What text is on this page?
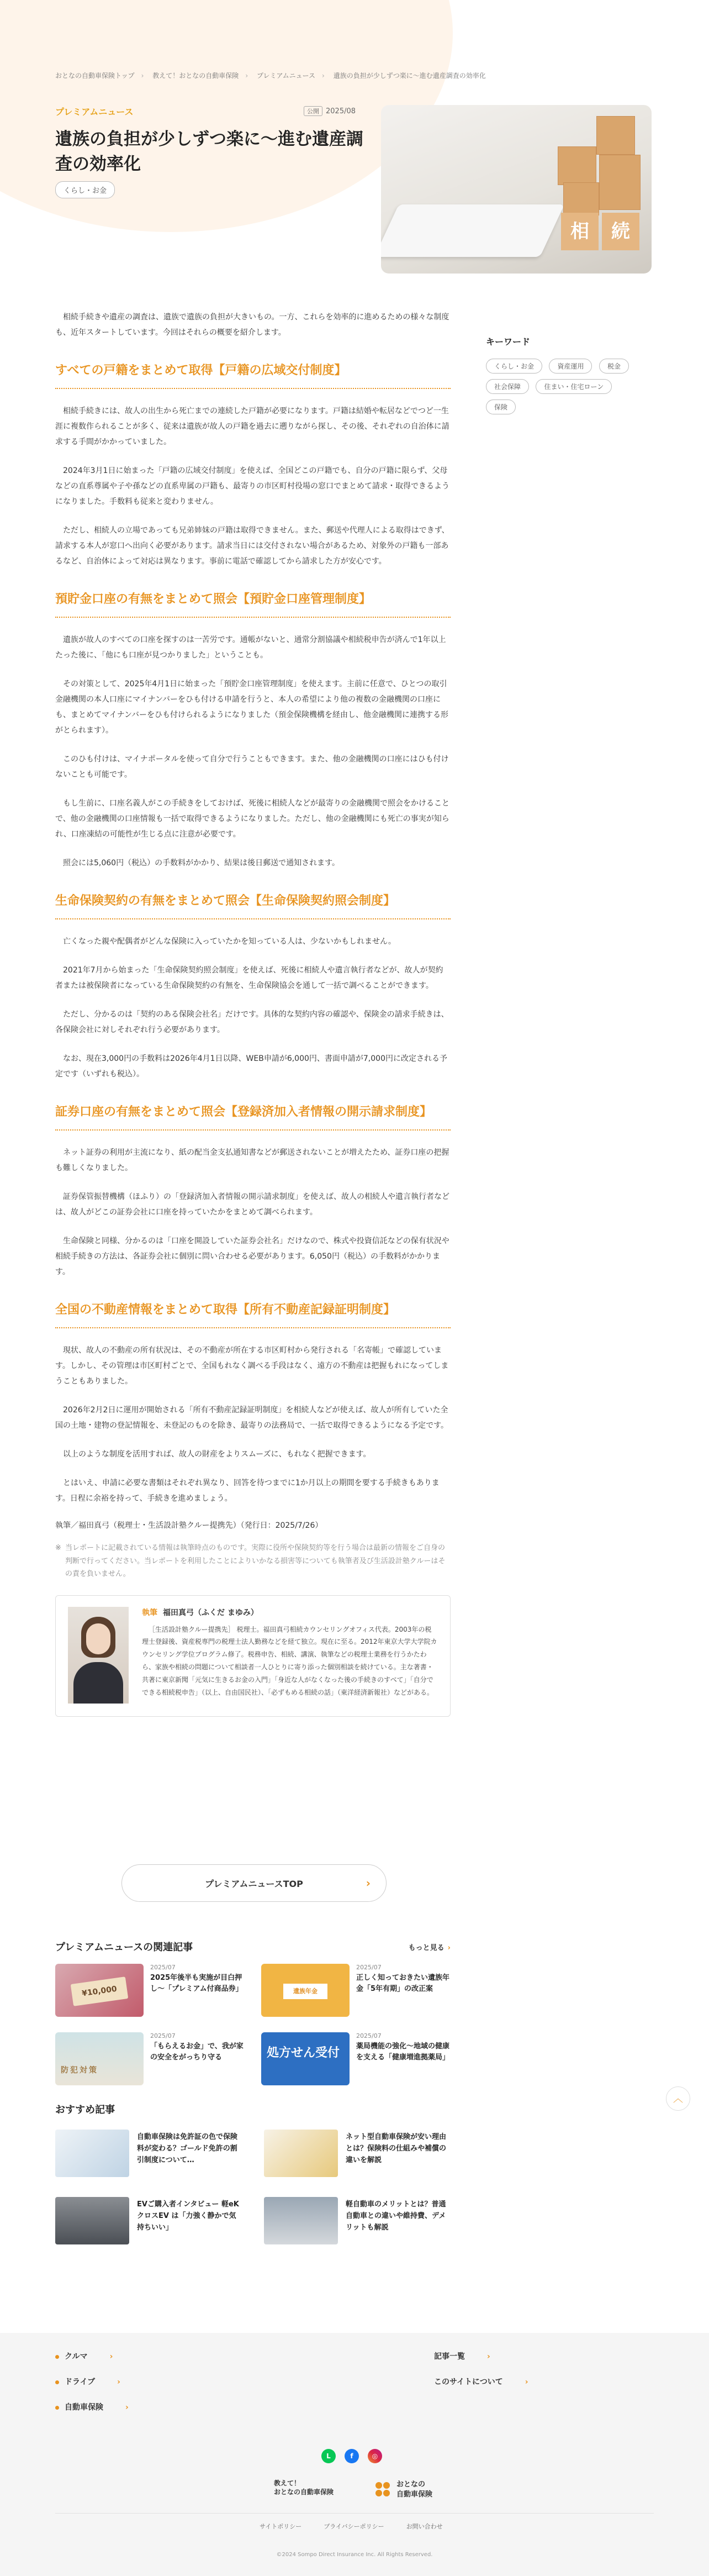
おとなの自動車保険トップ › 教えて！おとなの自動車保険 › プレミアムニュース › 遺族の負担が少しずつ楽に〜進む遺産調査の効率化
プレミアムニュース	公開 2025/08
遺族の負担が少しずつ楽に〜進む遺産調査の効率化
くらし・お金
相	続

相続手続きや遺産の調査は、遺族で遺族の負担が大きいもの。一方、これらを効率的に進めるための様々な制度も、近年スタートしています。今回はそれらの概要を紹介します。

すべての戸籍をまとめて取得【戸籍の広域交付制度】

相続手続きには、故人の出生から死亡までの連続した戸籍が必要になります。戸籍は結婚や転居などでつど一生涯に複数作られることが多く、従来は遺族が故人の戸籍を過去に遡りながら探し、その後、それぞれの自治体に請求する手間がかかっていました。

2024年3月1日に始まった「戸籍の広域交付制度」を使えば、全国どこの戸籍でも、自分の戸籍に限らず、父母などの直系尊属や子や孫などの直系卑属の戸籍も、最寄りの市区町村役場の窓口でまとめて請求・取得できるようになりました。手数料も従来と変わりません。

ただし、相続人の立場であっても兄弟姉妹の戸籍は取得できません。また、郵送や代理人による取得はできず、請求する本人が窓口へ出向く必要があります。請求当日には交付されない場合があるため、対象外の戸籍も一部あるなど、自治体によって対応は異なります。事前に電話で確認してから請求した方が安心です。

預貯金口座の有無をまとめて照会【預貯金口座管理制度】

遺族が故人のすべての口座を探すのは一苦労です。通帳がないと、通常分割協議や相続税申告が済んで1年以上たった後に、「他にも口座が見つかりました」ということも。

その対策として、2025年4月1日に始まった「預貯金口座管理制度」を使えます。主前に任意で、ひとつの取引金融機関の本人口座にマイナンバーをひも付ける申請を行うと、本人の希望により他の複数の金融機関の口座にも、まとめてマイナンバーをひも付けられるようになりました（預金保険機構を経由し、他金融機関に連携する形がとられます）。

このひも付けは、マイナポータルを使って自分で行うこともできます。また、他の金融機関の口座にはひも付けないことも可能です。

もし生前に、口座名義人がこの手続きをしておけば、死後に相続人などが最寄りの金融機関で照会をかけることで、他の金融機関の口座情報も一括で取得できるようになりました。ただし、他の金融機関にも死亡の事実が知られ、口座凍結の可能性が生じる点に注意が必要です。

照会には5,060円（税込）の手数料がかかり、結果は後日郵送で通知されます。

生命保険契約の有無をまとめて照会【生命保険契約照会制度】

亡くなった親や配偶者がどんな保険に入っていたかを知っている人は、少ないかもしれません。

2021年7月から始まった「生命保険契約照会制度」を使えば、死後に相続人や遺言執行者などが、故人が契約者または被保険者になっている生命保険契約の有無を、生命保険協会を通して一括で調べることができます。

ただし、分かるのは「契約のある保険会社名」だけです。具体的な契約内容の確認や、保険金の請求手続きは、各保険会社に対しそれぞれ行う必要があります。

なお、現在3,000円の手数料は2026年4月1日以降、WEB申請が6,000円、書面申請が7,000円に改定される予定です（いずれも税込）。

証券口座の有無をまとめて照会【登録済加入者情報の開示請求制度】

ネット証券の利用が主流になり、紙の配当金支払通知書などが郵送されないことが増えたため、証券口座の把握も難しくなりました。

証券保管振替機構（ほふり）の「登録済加入者情報の開示請求制度」を使えば、故人の相続人や遺言執行者などは、故人がどこの証券会社に口座を持っていたかをまとめて調べられます。

生命保険と同様、分かるのは「口座を開設していた証券会社名」だけなので、株式や投資信託などの保有状況や相続手続きの方法は、各証券会社に個別に問い合わせる必要があります。6,050円（税込）の手数料がかかります。

全国の不動産情報をまとめて取得【所有不動産記録証明制度】

現状、故人の不動産の所有状況は、その不動産が所在する市区町村から発行される「名寄帳」で確認しています。しかし、その管理は市区町村ごとで、全国もれなく調べる手段はなく、遠方の不動産は把握もれになってしまうこともありました。

2026年2月2日に運用が開始される「所有不動産記録証明制度」を相続人などが使えば、故人が所有していた全国の土地・建物の登記情報を、未登記のものを除き、最寄りの法務局で、一括で取得できるようになる予定です。

以上のような制度を活用すれば、故人の財産をよりスムーズに、もれなく把握できます。

とはいえ、申請に必要な書類はそれぞれ異なり、回答を待つまでに1か月以上の期間を要する手続きもあります。日程に余裕を持って、手続きを進めましょう。

執筆／福田真弓（税理士・生活設計塾クルー提携先）（発行日：2025/7/26）

※ 当レポートに記載されている情報は執筆時点のものです。実際に役所や保険契約等を行う場合は最新の情報をご自身の判断で行ってください。当レポートを利用したことによりいかなる損害等についても執筆者及び生活設計塾クルーはその責を負いません。

執筆 福田真弓（ふくだ まゆみ）

［生活設計塾クルー提携先］ 税理士。福田真弓相続カウンセリングオフィス代表。2003年の税理士登録後、資産税専門の税理士法人勤務などを経て独立。現在に至る。2012年東京大学大学院カウンセリング学位プログラム修了。税務申告、相続、講演、執筆などの税理士業務を行うかたわら、家族や相続の問題について相談者一人ひとりに寄り添った個別相談を続けている。主な著書・共著に東京新聞「元気に生きるお金の入門」「身近な人がなくなった後の手続きのすべて」「自分でできる相続税申告」（以上、自由国民社）、「必ずもめる相続の話」（東洋経済新報社）などがある。

キーワード
くらし・お金	資産運用	税金 社会保障	住まい・住宅ローン 保険
プレミアムニュースTOP	›
プレミアムニュースの関連記事	もっと見る ›
¥10,000
2025/07
2025年後半も実施が目白押し〜「プレミアム付商品券」	遺族年金
2025/07
正しく知っておきたい遺族年金「5年有期」の改正案
防犯対策
2025/07
「もらえるお金」で、我が家の安全をがっちり守る	処方せん受付
2025/07
薬局機能の強化〜地域の健康を支える「健康増進拠薬局」
おすすめ記事
自動車保険は免許証の色で保険料が変わる？ゴールド免許の割引制度について…
ネット型自動車保険が安い理由とは？保険料の仕組みや補償の違いを解説
EVご購入者インタビュー 軽eKクロスEV は「力強く静かで気持ちいい」
軽自動車のメリットとは？普通自動車との違いや維持費、デメリットも解説
︿
クルマ	›
ドライブ	›
自動車保険	›
記事一覧	›
このサイトについて	›
L	f	◎
教えて！
おとなの自動車保険
おとなの
自動車保険
サイトポリシー	プライバシーポリシー	お問い合わせ
©2024 Sompo Direct Insurance Inc. All Rights Reserved.
